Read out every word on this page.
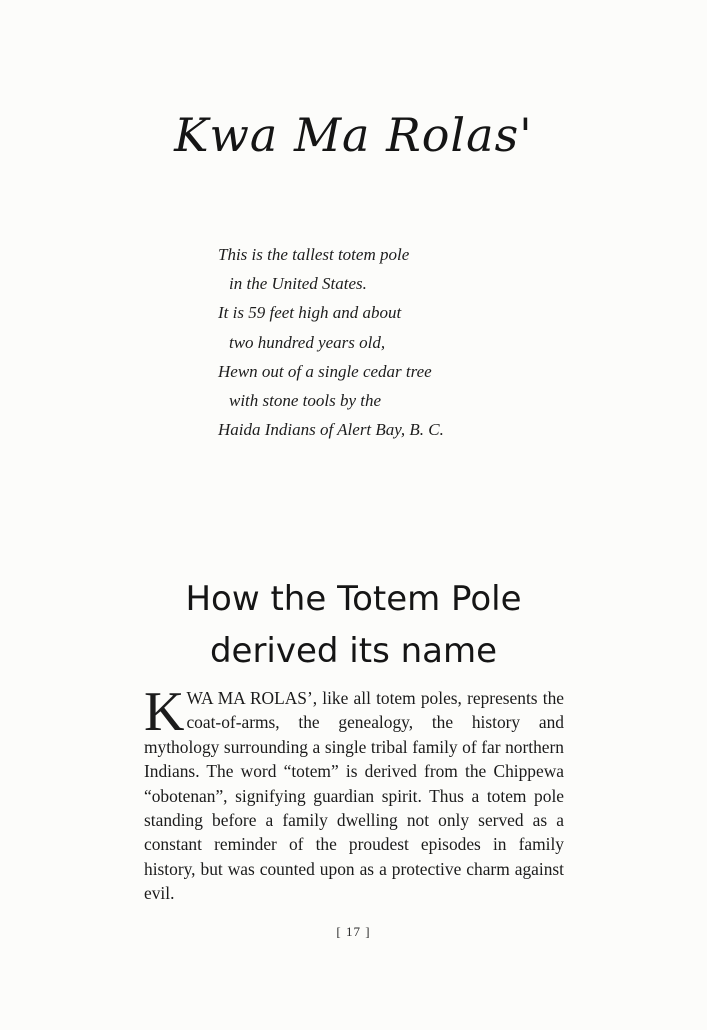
Kwa Ma Rolas'
This is the tallest totem pole
in the United States.
It is 59 feet high and about
two hundred years old,
Hewn out of a single cedar tree
with stone tools by the
Haida Indians of Alert Bay, B. C.
How the Totem Pole
derived its name
KWA MA ROLAS’, like all totem poles, represents the coat-of-arms, the genealogy, the history and mythology surrounding a single tribal family of far northern Indians. The word “totem” is derived from the Chippewa “obotenan”, signifying guardian spirit. Thus a totem pole standing before a family dwelling not only served as a constant reminder of the proudest episodes in family history, but was counted upon as a protective charm against evil.
[ 17 ]
